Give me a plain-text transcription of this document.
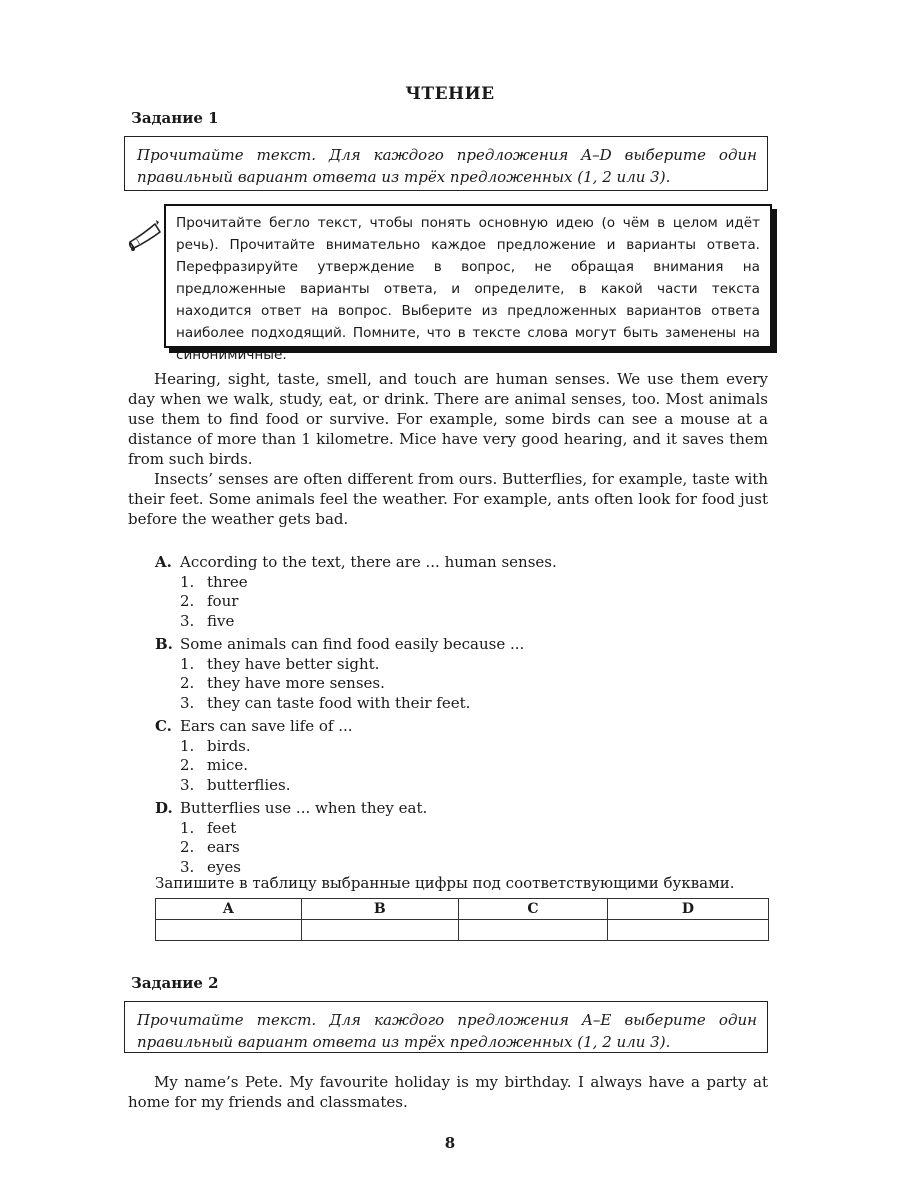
ЧТЕНИЕ
Задание 1
Прочитайте текст. Для каждого предложения A–D выберите один правильный вариант ответа из трёх предложенных (1, 2 или 3).
Прочитайте бегло текст, чтобы понять основную идею (о чём в целом идёт речь). Прочитайте внимательно каждое предложение и варианты ответа. Перефразируйте утверждение в вопрос, не обращая внимания на предложенные варианты ответа, и определите, в какой части текста находится ответ на вопрос. Выберите из предложенных вариантов ответа наиболее подходящий. Помните, что в тексте слова могут быть заменены на синонимичные.

Hearing, sight, taste, smell, and touch are human senses. We use them every day when we walk, study, eat, or drink. There are animal senses, too. Most animals use them to find food or survive. For example, some birds can see a mouse at a distance of more than 1 kilometre. Mice have very good hearing, and it saves them from such birds.

Insects’ senses are often different from ours. Butterflies, for example, taste with their feet. Some animals feel the weather. For example, ants often look for food just before the weather gets bad.

A. According to the text, there are ... human senses.
1. three
2. four
3. five
B. Some animals can find food easily because ...
1. they have better sight.
2. they have more senses.
3. they can taste food with their feet.
C. Ears can save life of ...
1. birds.
2. mice.
3. butterflies.
D. Butterflies use ... when they eat.
1. feet
2. ears
3. eyes
Запишите в таблицу выбранные цифры под соответствующими буквами.
A	B	C	D

Задание 2
Прочитайте текст. Для каждого предложения A–E выберите один правильный вариант ответа из трёх предложенных (1, 2 или 3).

My name’s Pete. My favourite holiday is my birthday. I always have a party at home for my friends and classmates.

8
